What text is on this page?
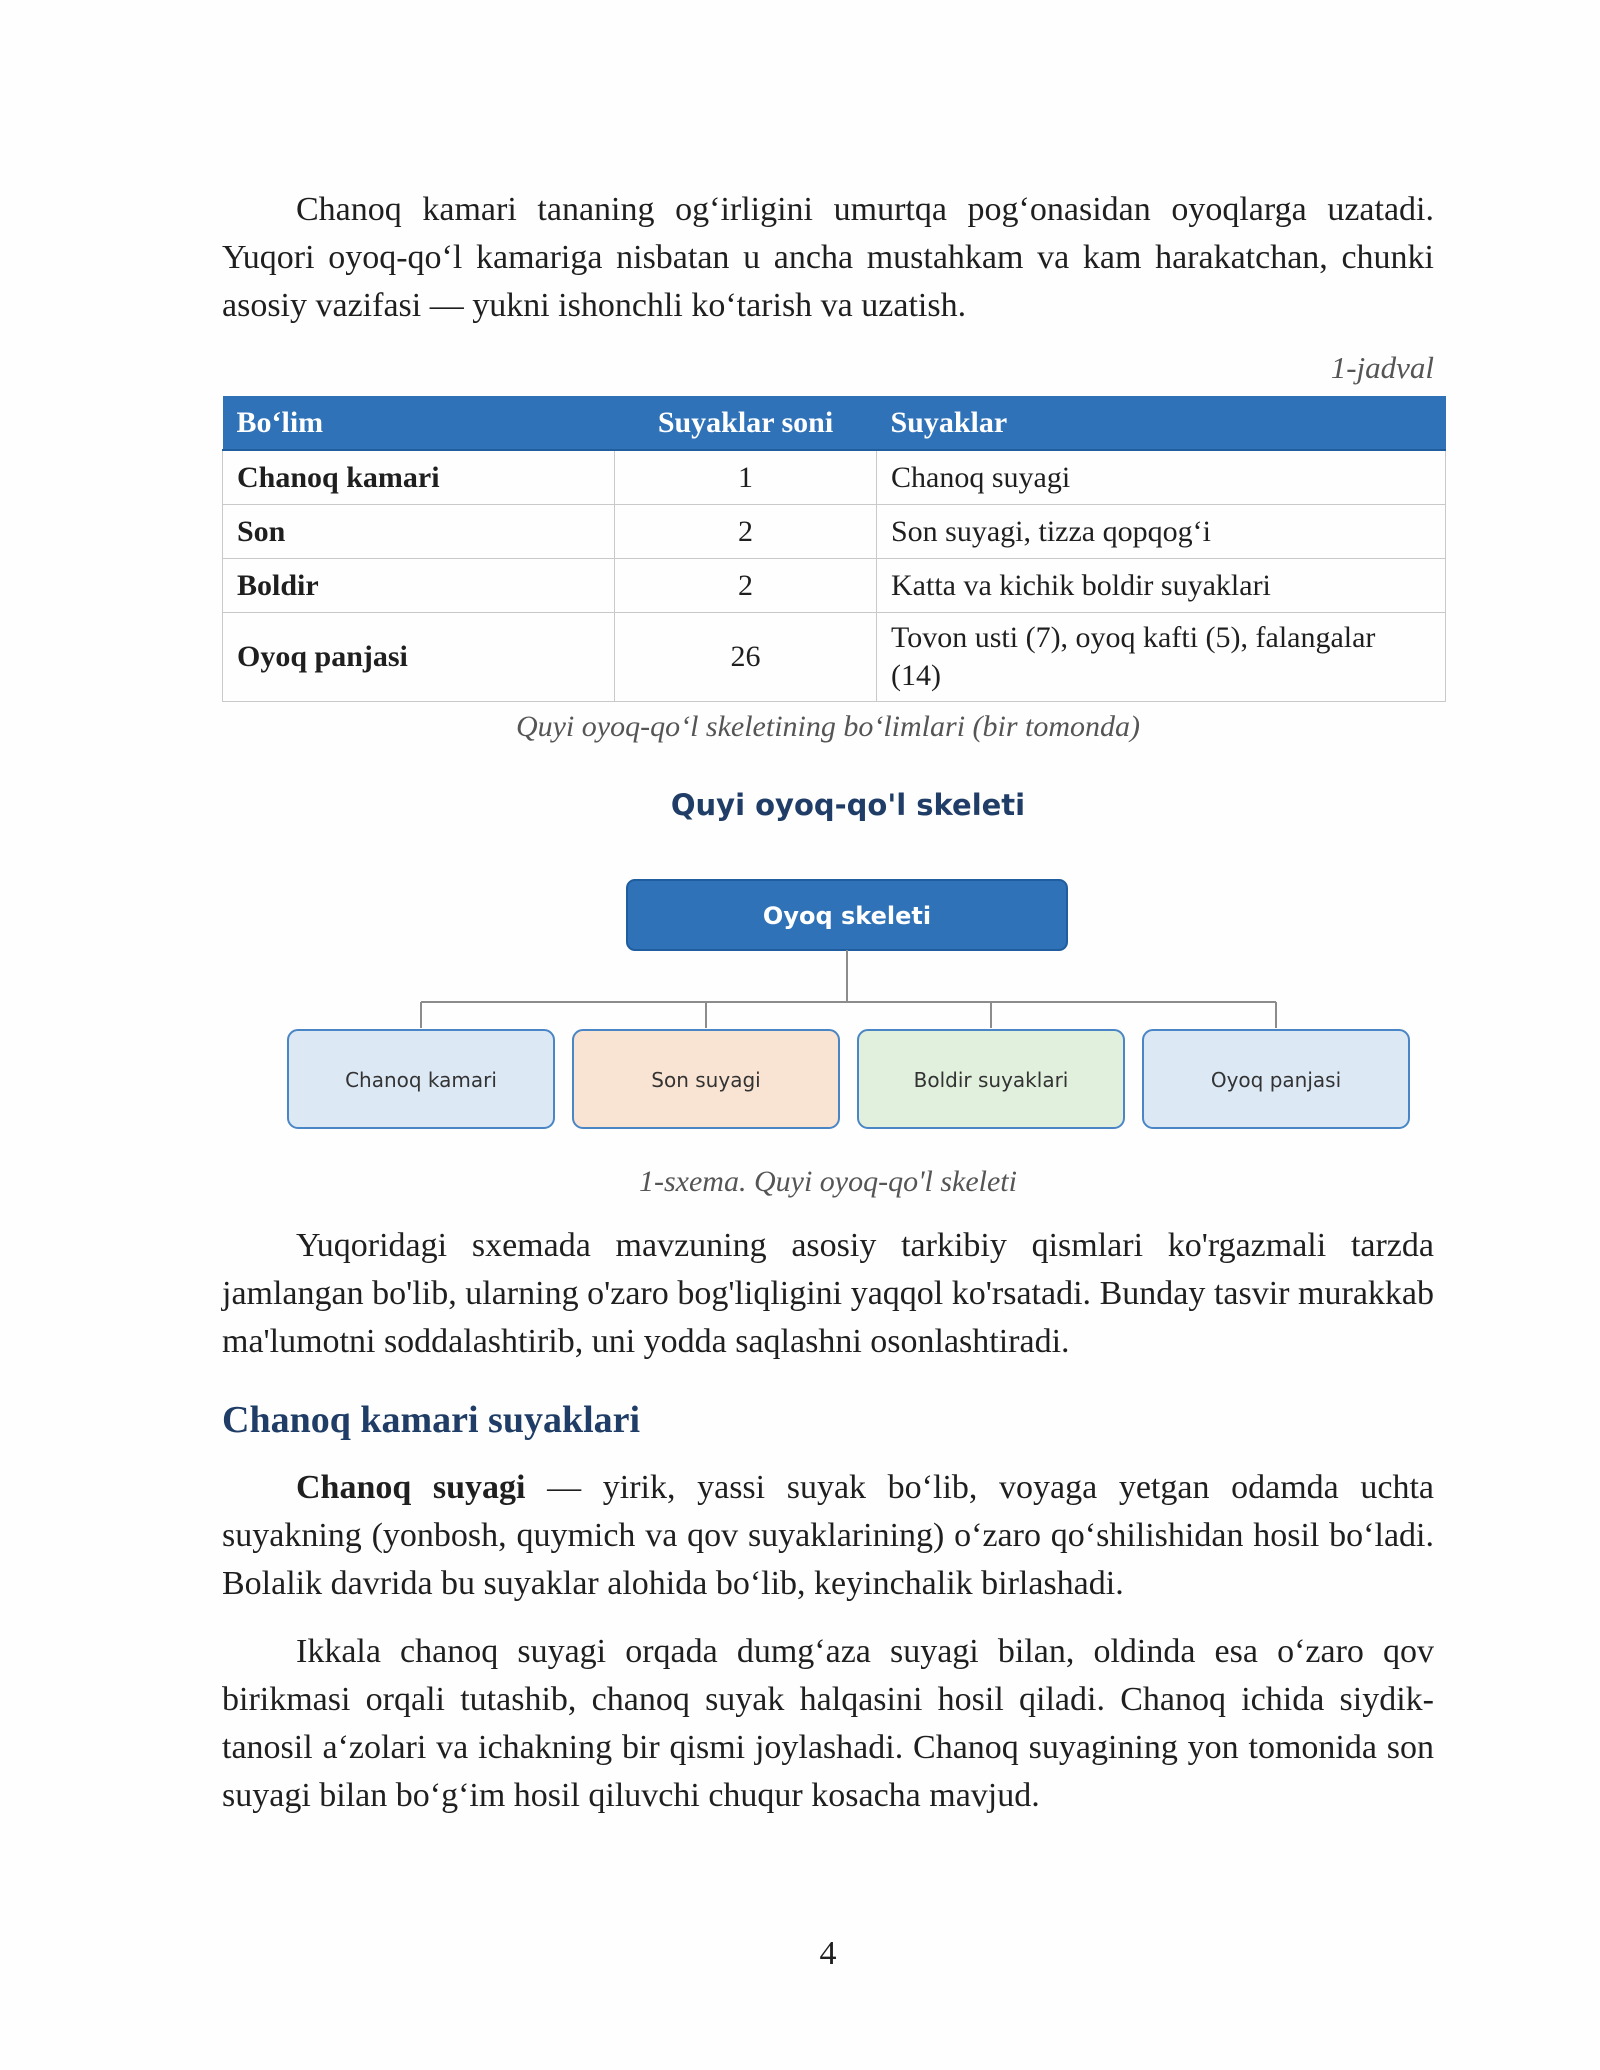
Chanoq kamari tananing og‘irligini umurtqa pog‘onasidan oyoqlarga uzatadi. Yuqori oyoq-qo‘l kamariga nisbatan u ancha mustahkam va kam harakatchan, chunki asosiy vazifasi — yukni ishonchli ko‘tarish va uzatish.

1-jadval
Bo‘lim	Suyaklar soni	Suyaklar
Chanoq kamari	1	Chanoq suyagi
Son	2	Son suyagi, tizza qopqog‘i
Boldir	2	Katta va kichik boldir suyaklari
Oyoq panjasi	26	Tovon usti (7), oyoq kafti (5), falangalar (14)
Quyi oyoq-qo‘l skeletining bo‘limlari (bir tomonda)
Quyi oyoq-qo'l skeleti
Oyoq skeleti
Chanoq kamari	Son suyagi	Boldir suyaklari	Oyoq panjasi
1-sxema. Quyi oyoq-qo'l skeleti

Yuqoridagi sxemada mavzuning asosiy tarkibiy qismlari ko'rgazmali tarzda jamlangan bo'lib, ularning o'zaro bog'liqligini yaqqol ko'rsatadi. Bunday tasvir murakkab ma'lumotni soddalashtirib, uni yodda saqlashni osonlashtiradi.

Chanoq kamari suyaklari

Chanoq suyagi — yirik, yassi suyak bo‘lib, voyaga yetgan odamda uchta suyakning (yonbosh, quymich va qov suyaklarining) o‘zaro qo‘shilishidan hosil bo‘ladi. Bolalik davrida bu suyaklar alohida bo‘lib, keyinchalik birlashadi.

Ikkala chanoq suyagi orqada dumg‘aza suyagi bilan, oldinda esa o‘zaro qov birikmasi orqali tutashib, chanoq suyak halqasini hosil qiladi. Chanoq ichida siydik-tanosil a‘zolari va ichakning bir qismi joylashadi. Chanoq suyagining yon tomonida son suyagi bilan bo‘g‘im hosil qiluvchi chuqur kosacha mavjud.

4
